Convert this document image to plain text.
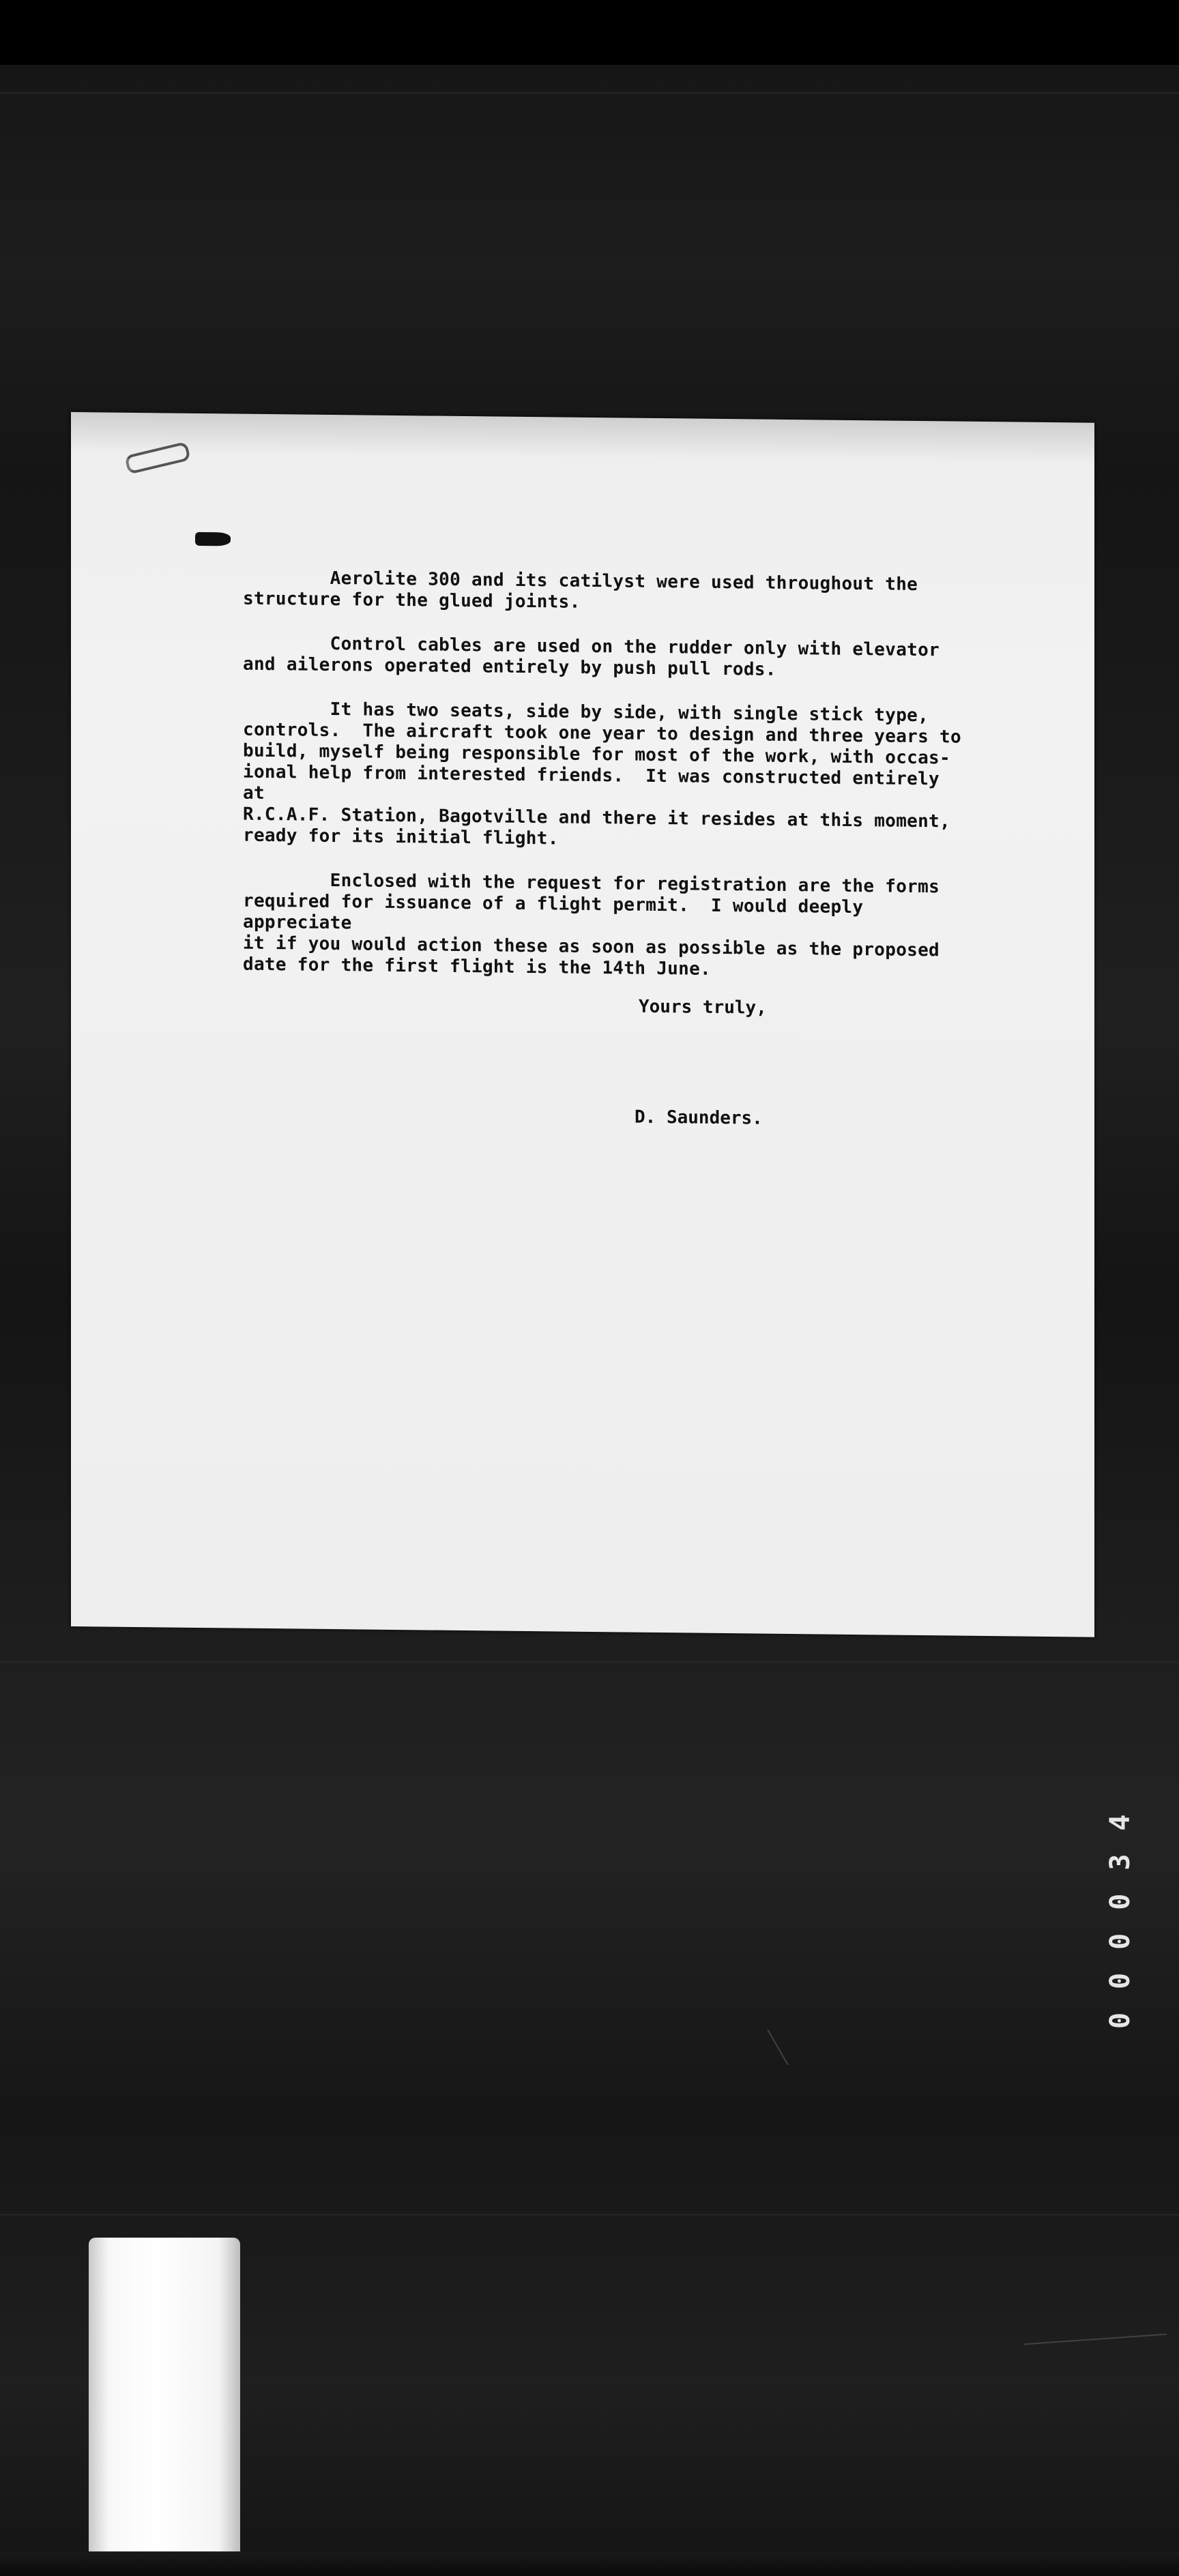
Aerolite 300 and its catilyst were used throughout the
structure for the glued joints.

Control cables are used on the rudder only with elevator
and ailerons operated entirely by push pull rods.

It has two seats, side by side, with single stick type,
controls.  The aircraft took one year to design and three years to
build, myself being responsible for most of the work, with occas-
ional help from interested friends.  It was constructed entirely at
R.C.A.F. Station, Bagotville and there it resides at this moment,
ready for its initial flight.

Enclosed with the request for registration are the forms
required for issuance of a flight permit.  I would deeply appreciate
it if you would action these as soon as possible as the proposed
date for the first flight is the 14th June.

Yours truly,
D. Saunders.
000034
